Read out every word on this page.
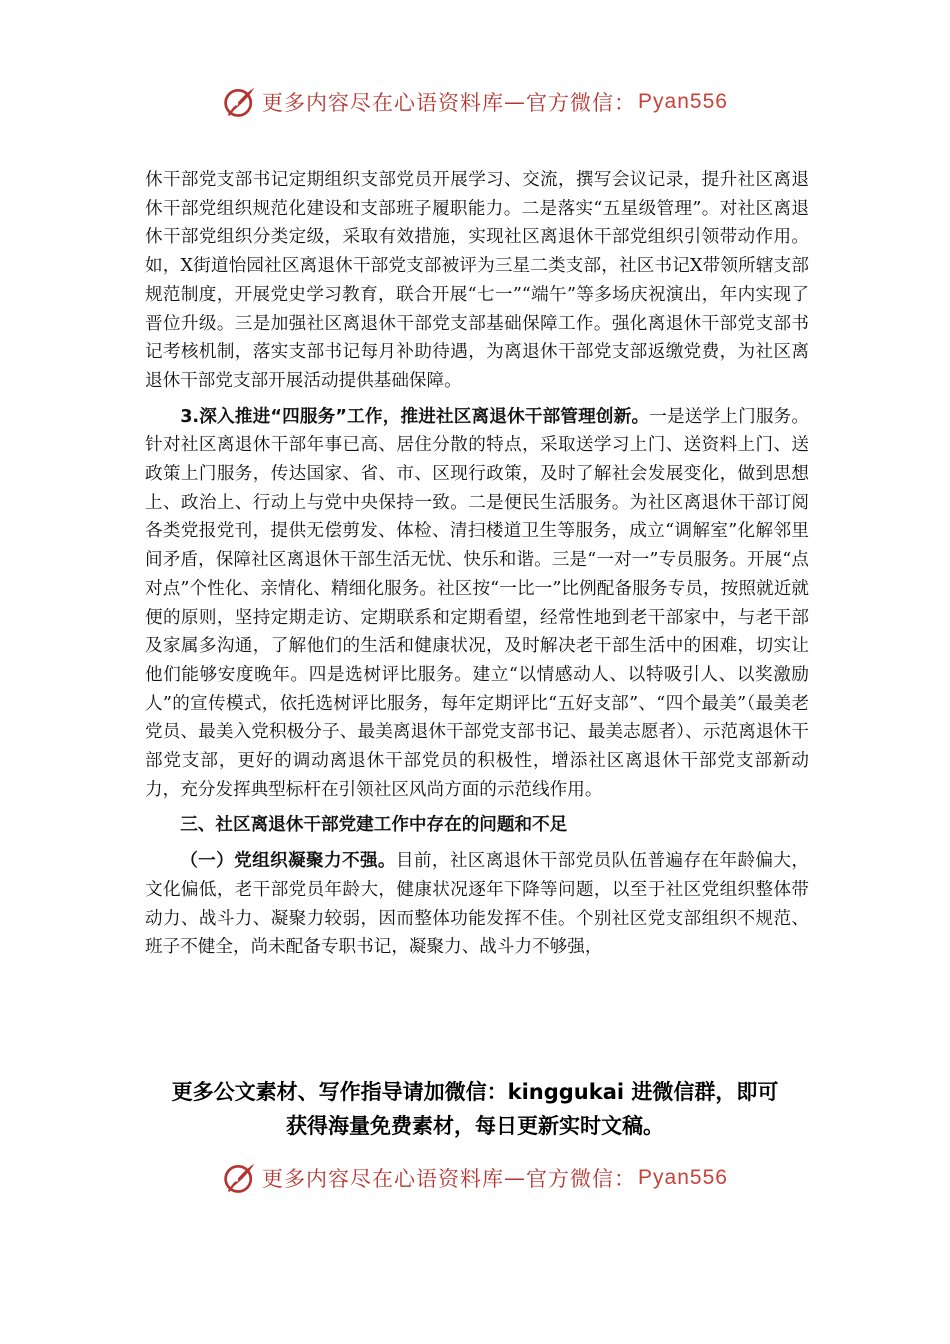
更多内容尽在心语资料库 — 官方微信： Pyan556

休干部党支部书记定期组织支部党员开展学习、交流，撰写会议记录，提升社区离退休干部党组织规范化建设和支部班子履职能力。二是落实“五星级管理”。对社区离退休干部党组织分类定级，采取有效措施，实现社区离退休干部党组织引领带动作用。如，X街道怡园社区离退休干部党支部被评为三星二类支部，社区书记X带领所辖支部规范制度，开展党史学习教育，联合开展“七一”“端午”等多场庆祝演出，年内实现了晋位升级。三是加强社区离退休干部党支部基础保障工作。强化离退休干部党支部书记考核机制，落实支部书记每月补助待遇，为离退休干部党支部返缴党费，为社区离退休干部党支部开展活动提供基础保障。

3.深入推进“四服务”工作，推进社区离退休干部管理创新。一是送学上门服务。针对社区离退休干部年事已高、居住分散的特点，采取送学习上门、送资料上门、送政策上门服务，传达国家、省、市、区现行政策，及时了解社会发展变化，做到思想上、政治上、行动上与党中央保持一致。二是便民生活服务。为社区离退休干部订阅各类党报党刊，提供无偿剪发、体检、清扫楼道卫生等服务，成立“调解室”化解邻里间矛盾，保障社区离退休干部生活无忧、快乐和谐。三是“一对一”专员服务。开展“点对点”个性化、亲情化、精细化服务。社区按“一比一”比例配备服务专员，按照就近就便的原则，坚持定期走访、定期联系和定期看望，经常性地到老干部家中，与老干部及家属多沟通，了解他们的生活和健康状况，及时解决老干部生活中的困难，切实让他们能够安度晚年。四是选树评比服务。建立“以情感动人、以特吸引人、以奖激励人”的宣传模式，依托选树评比服务，每年定期评比“五好支部”、“四个最美”（最美老党员、最美入党积极分子、最美离退休干部党支部书记、最美志愿者）、示范离退休干部党支部，更好的调动离退休干部党员的积极性，增添社区离退休干部党支部新动力，充分发挥典型标杆在引领社区风尚方面的示范线作用。

三、社区离退休干部党建工作中存在的问题和不足

（一）党组织凝聚力不强。目前，社区离退休干部党员队伍普遍存在年龄偏大，文化偏低，老干部党员年龄大，健康状况逐年下降等问题，以至于社区党组织整体带动力、战斗力、凝聚力较弱，因而整体功能发挥不佳。个别社区党支部组织不规范、班子不健全，尚未配备专职书记，凝聚力、战斗力不够强，

更多公文素材、写作指导请加微信：kinggukai 进微信群，即可
获得海量免费素材，每日更新实时文稿。
更多内容尽在心语资料库 — 官方微信： Pyan556
